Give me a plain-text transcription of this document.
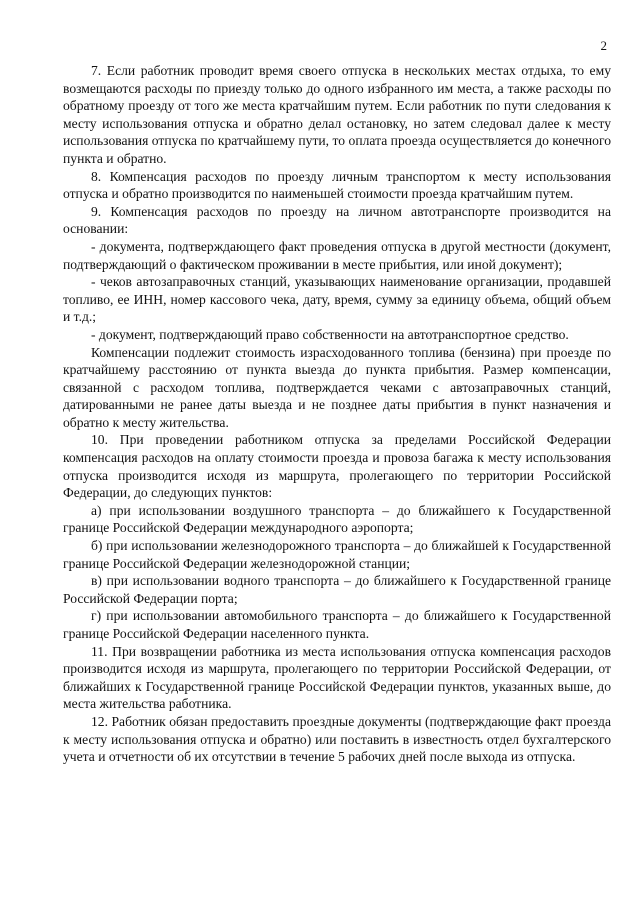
2

7. Если работник проводит время своего отпуска в нескольких местах отдыха, то ему возмещаются расходы по приезду только до одного избранного им места, а также расходы по обратному проезду от того же места кратчайшим путем. Если работник по пути следования к месту использования отпуска и обратно делал остановку, но затем следовал далее к месту использования отпуска по кратчайшему пути, то оплата проезда осуществляется до конечного пункта и обратно.

8. Компенсация расходов по проезду личным транспортом к месту использования отпуска и обратно производится по наименьшей стоимости проезда кратчайшим путем.

9. Компенсация расходов по проезду на личном автотранспорте производится на основании:

- документа, подтверждающего факт проведения отпуска в другой местности (документ, подтверждающий о фактическом проживании в месте прибытия, или иной документ);

- чеков автозаправочных станций, указывающих наименование организации, продавшей топливо, ее ИНН, номер кассового чека, дату, время, сумму за единицу объема, общий объем и т.д.;

- документ, подтверждающий право собственности на автотранспортное средство.

Компенсации подлежит стоимость израсходованного топлива (бензина) при проезде по кратчайшему расстоянию от пункта выезда до пункта прибытия. Размер компенсации, связанной с расходом топлива, подтверждается чеками с автозаправочных станций, датированными не ранее даты выезда и не позднее даты прибытия в пункт назначения и обратно к месту жительства.

10. При проведении работником отпуска за пределами Российской Федерации компенсация расходов на оплату стоимости проезда и провоза багажа к месту использования отпуска производится исходя из маршрута, пролегающего по территории Российской Федерации, до следующих пунктов:

а) при использовании воздушного транспорта – до ближайшего к Государственной границе Российской Федерации международного аэропорта;

б) при использовании железнодорожного транспорта – до ближайшей к Государственной границе Российской Федерации железнодорожной станции;

в) при использовании водного транспорта – до ближайшего к Государственной границе Российской Федерации порта;

г) при использовании автомобильного транспорта – до ближайшего к Государственной границе Российской Федерации населенного пункта.

11. При возвращении работника из места использования отпуска компенсация расходов производится исходя из маршрута, пролегающего по территории Российской Федерации, от ближайших к Государственной границе Российской Федерации пунктов, указанных выше, до места жительства работника.

12. Работник обязан предоставить проездные документы (подтверждающие факт проезда к месту использования отпуска и обратно) или поставить в известность отдел бухгалтерского учета и отчетности об их отсутствии в течение 5 рабочих дней после выхода из отпуска.
